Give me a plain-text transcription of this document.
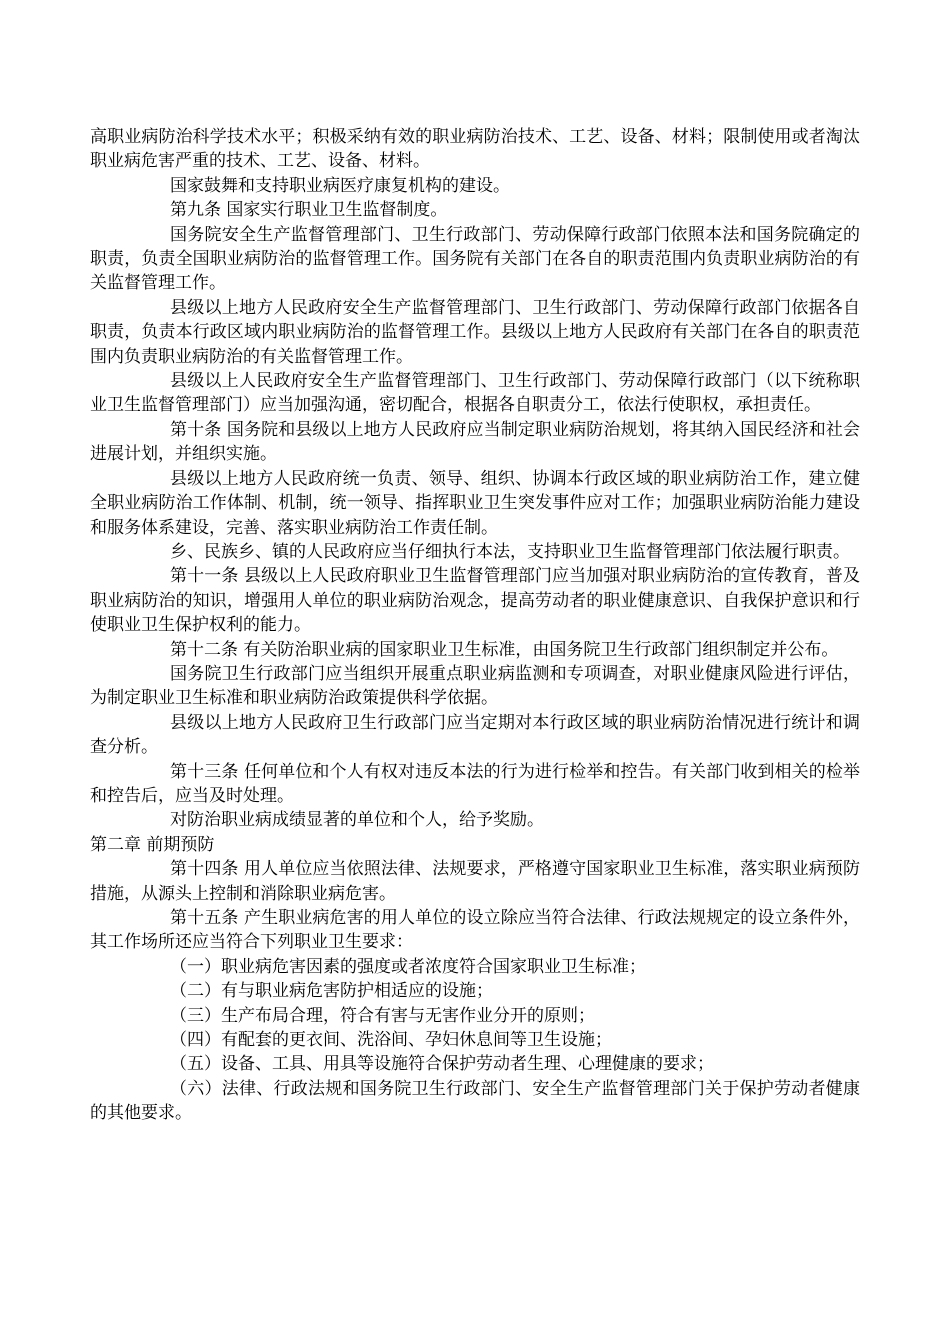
高职业病防治科学技术水平；积极采纳有效的职业病防治技术、工艺、设备、材料；限制使用或者淘汰职业病危害严重的技术、工艺、设备、材料。

国家鼓舞和支持职业病医疗康复机构的建设。

第九条 国家实行职业卫生监督制度。

国务院安全生产监督管理部门、卫生行政部门、劳动保障行政部门依照本法和国务院确定的职责，负责全国职业病防治的监督管理工作。国务院有关部门在各自的职责范围内负责职业病防治的有关监督管理工作。

县级以上地方人民政府安全生产监督管理部门、卫生行政部门、劳动保障行政部门依据各自职责，负责本行政区域内职业病防治的监督管理工作。县级以上地方人民政府有关部门在各自的职责范围内负责职业病防治的有关监督管理工作。

县级以上人民政府安全生产监督管理部门、卫生行政部门、劳动保障行政部门（以下统称职业卫生监督管理部门）应当加强沟通，密切配合，根据各自职责分工，依法行使职权，承担责任。

第十条 国务院和县级以上地方人民政府应当制定职业病防治规划，将其纳入国民经济和社会进展计划，并组织实施。

县级以上地方人民政府统一负责、领导、组织、协调本行政区域的职业病防治工作，建立健全职业病防治工作体制、机制，统一领导、指挥职业卫生突发事件应对工作；加强职业病防治能力建设和服务体系建设，完善、落实职业病防治工作责任制。

乡、民族乡、镇的人民政府应当仔细执行本法，支持职业卫生监督管理部门依法履行职责。

第十一条 县级以上人民政府职业卫生监督管理部门应当加强对职业病防治的宣传教育，普及职业病防治的知识，增强用人单位的职业病防治观念，提高劳动者的职业健康意识、自我保护意识和行使职业卫生保护权利的能力。

第十二条 有关防治职业病的国家职业卫生标准，由国务院卫生行政部门组织制定并公布。

国务院卫生行政部门应当组织开展重点职业病监测和专项调查，对职业健康风险进行评估，为制定职业卫生标准和职业病防治政策提供科学依据。

县级以上地方人民政府卫生行政部门应当定期对本行政区域的职业病防治情况进行统计和调查分析。

第十三条 任何单位和个人有权对违反本法的行为进行检举和控告。有关部门收到相关的检举和控告后，应当及时处理。

对防治职业病成绩显著的单位和个人，给予奖励。

第二章 前期预防

第十四条 用人单位应当依照法律、法规要求，严格遵守国家职业卫生标准，落实职业病预防措施，从源头上控制和消除职业病危害。

第十五条 产生职业病危害的用人单位的设立除应当符合法律、行政法规规定的设立条件外，其工作场所还应当符合下列职业卫生要求：

（一）职业病危害因素的强度或者浓度符合国家职业卫生标准；

（二）有与职业病危害防护相适应的设施；

（三）生产布局合理，符合有害与无害作业分开的原则；

（四）有配套的更衣间、洗浴间、孕妇休息间等卫生设施；

（五）设备、工具、用具等设施符合保护劳动者生理、心理健康的要求；

（六）法律、行政法规和国务院卫生行政部门、安全生产监督管理部门关于保护劳动者健康的其他要求。
